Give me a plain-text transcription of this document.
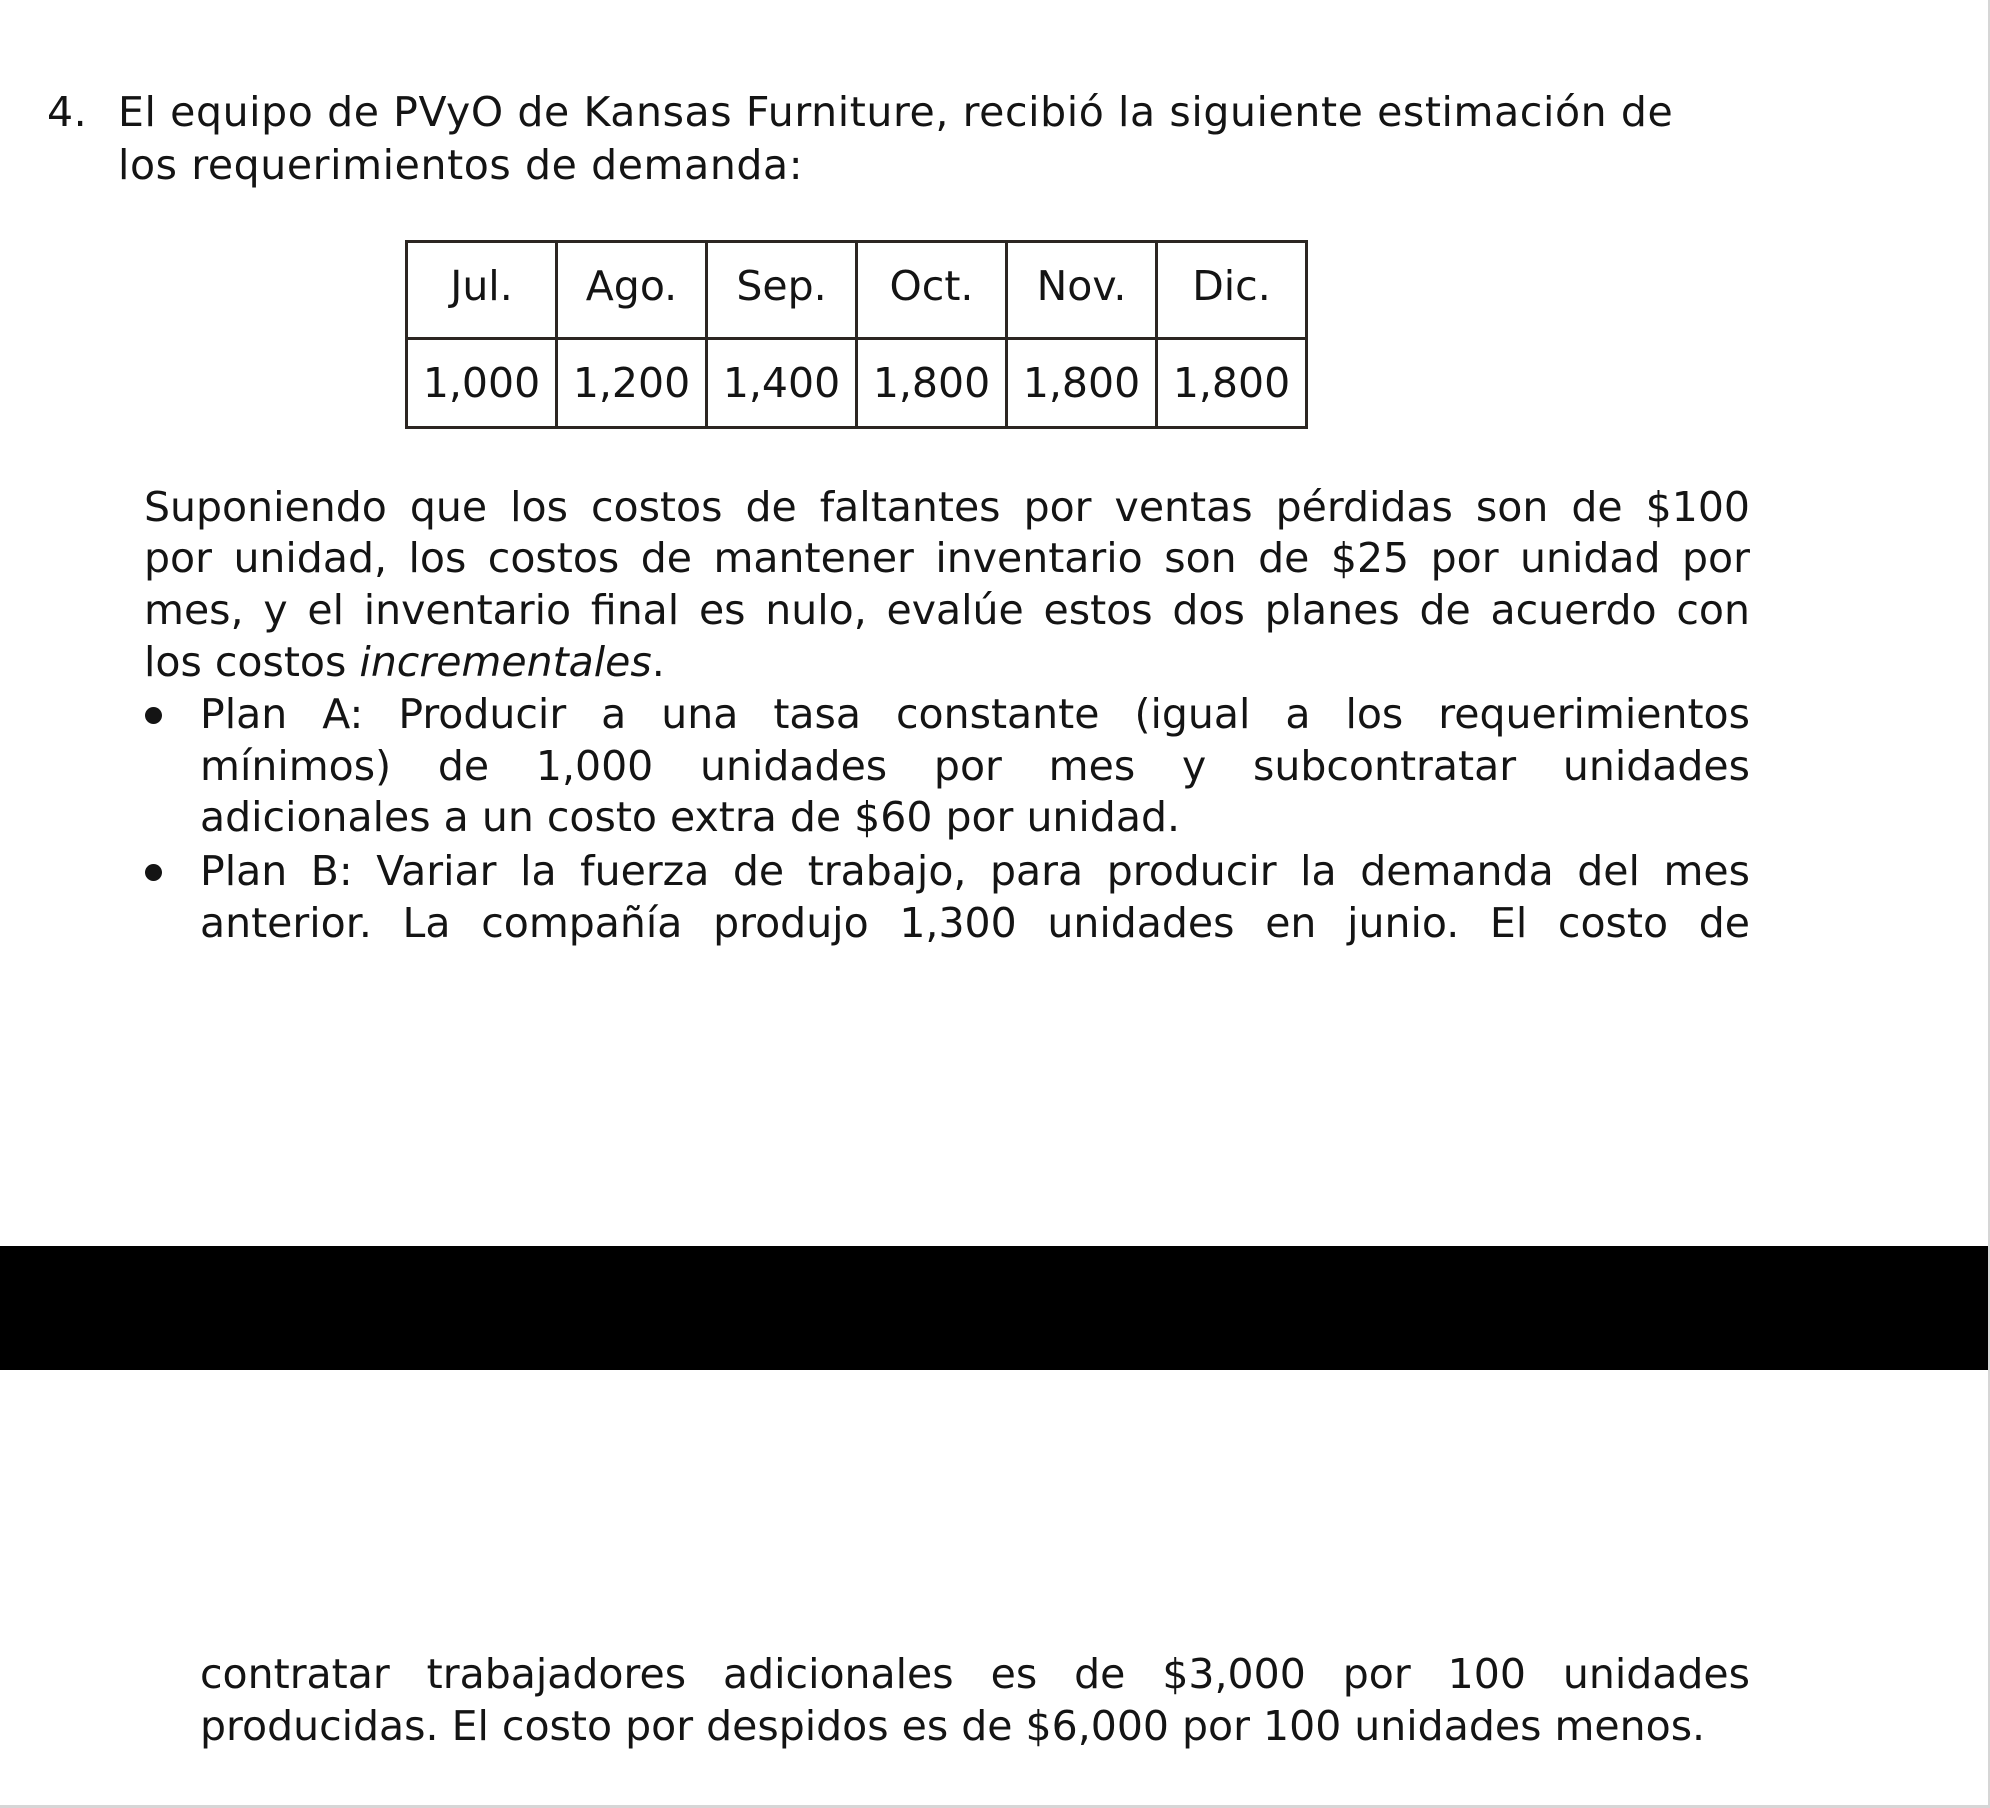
4. El equipo de PVyO de Kansas Furniture, recibió la siguiente estimación de
los requerimientos de demanda:
Jul.	Ago.	Sep.	Oct.	Nov.	Dic.
1,000	1,200	1,400	1,800	1,800	1,800
Suponiendo que los costos de faltantes por ventas pérdidas son de $100
por unidad, los costos de mantener inventario son de $25 por unidad por
mes, y el inventario final es nulo, evalúe estos dos planes de acuerdo con
los costos incrementales.
Plan A: Producir a una tasa constante (igual a los requerimientos
mínimos) de 1,000 unidades por mes y subcontratar unidades
adicionales a un costo extra de $60 por unidad.
Plan B: Variar la fuerza de trabajo, para producir la demanda del mes
anterior. La compañía produjo 1,300 unidades en junio. El costo de
contratar trabajadores adicionales es de $3,000 por 100 unidades
producidas. El costo por despidos es de $6,000 por 100 unidades menos.
